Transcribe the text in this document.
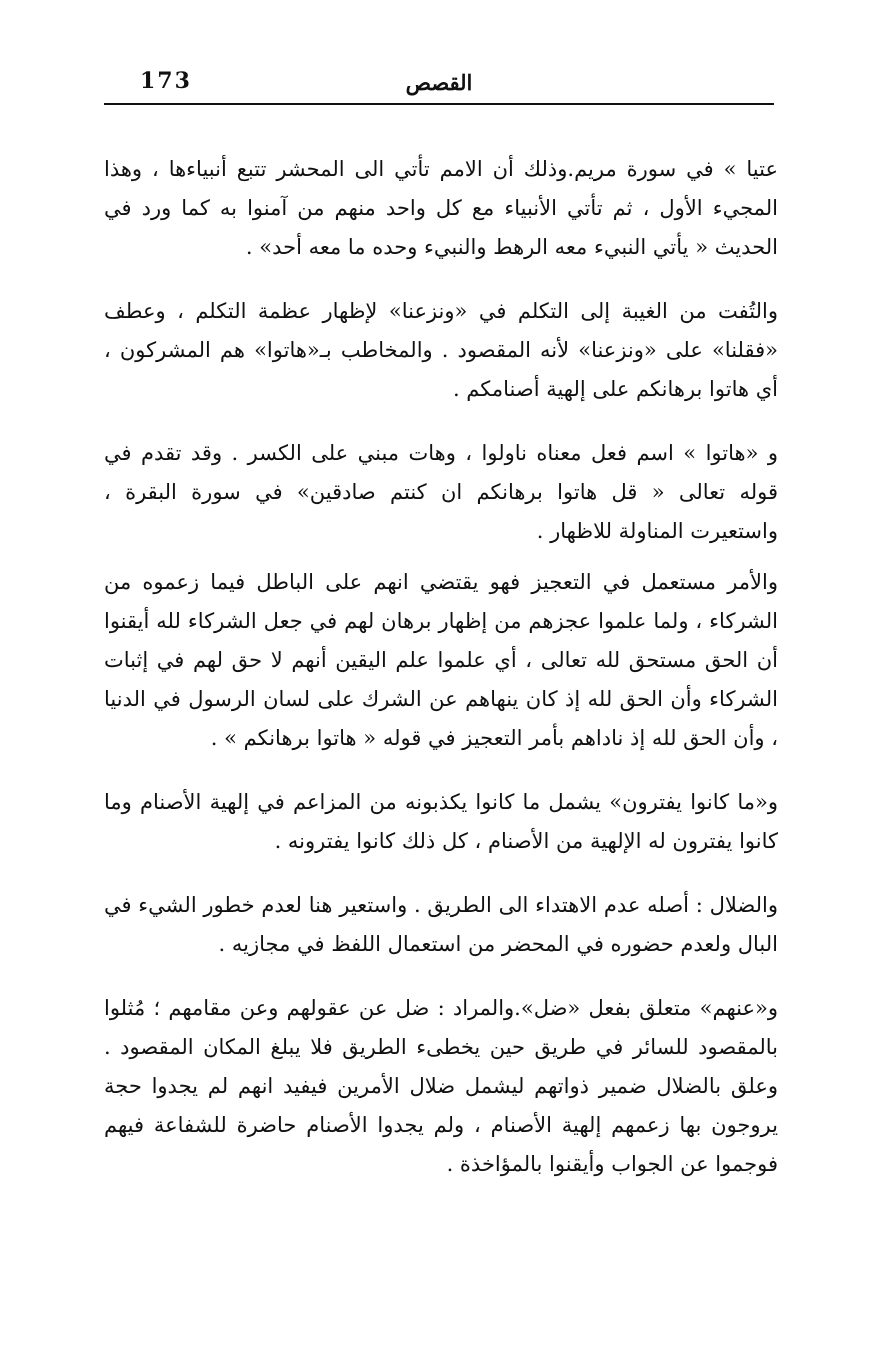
173	القصص

عتيا » في سورة مريم.وذلك أن الامم تأتي الى المحشر تتبع أنبياءها ، وهذا المجيء الأول ، ثم تأتي الأنبياء مع كل واحد منهم من آمنوا به كما ورد في الحديث « يأتي النبيء معه الرهط والنبيء وحده ما معه أحد» .

والتُفت من الغيبة إلى التكلم في «ونزعنا» لإظهار عظمة التكلم ، وعطف «فقلنا» على «ونزعنا» لأنه المقصود . والمخاطب بـ«هاتوا» هم المشركون ، أي هاتوا برهانكم على إلهية أصنامكم .

و «هاتوا » اسم فعل معناه ناولوا ، وهات مبني على الكسر . وقد تقدم في قوله تعالى « قل هاتوا برهانكم ان كنتم صادقين» في سورة البقرة ، واستعيرت المناولة للاظهار .

والأمر مستعمل في التعجيز فهو يقتضي انهم على الباطل فيما زعموه من الشركاء ، ولما علموا عجزهم من إظهار برهان لهم في جعل الشركاء لله أيقنوا أن الحق مستحق لله تعالى ، أي علموا علم اليقين أنهم لا حق لهم في إثبات الشركاء وأن الحق لله إذ كان ينهاهم عن الشرك على لسان الرسول في الدنيا ، وأن الحق لله إذ ناداهم بأمر التعجيز في قوله « هاتوا برهانكم » .

و«ما كانوا يفترون» يشمل ما كانوا يكذبونه من المزاعم في إلهية الأصنام وما كانوا يفترون له الإلهية من الأصنام ، كل ذلك كانوا يفترونه .

والضلال : أصله عدم الاهتداء الى الطريق . واستعير هنا لعدم خطور الشيء في البال ولعدم حضوره في المحضر من استعمال اللفظ في مجازيه .

و«عنهم» متعلق بفعل «ضل».والمراد : ضل عن عقولهم وعن مقامهم ؛ مُثلوا بالمقصود للسائر في طريق حين يخطىء الطريق فلا يبلغ المكان المقصود . وعلق بالضلال ضمير ذواتهم ليشمل ضلال الأمرين فيفيد انهم لم يجدوا حجة يروجون بها زعمهم إلهية الأصنام ، ولم يجدوا الأصنام حاضرة للشفاعة فيهم فوجموا عن الجواب وأيقنوا بالمؤاخذة .
